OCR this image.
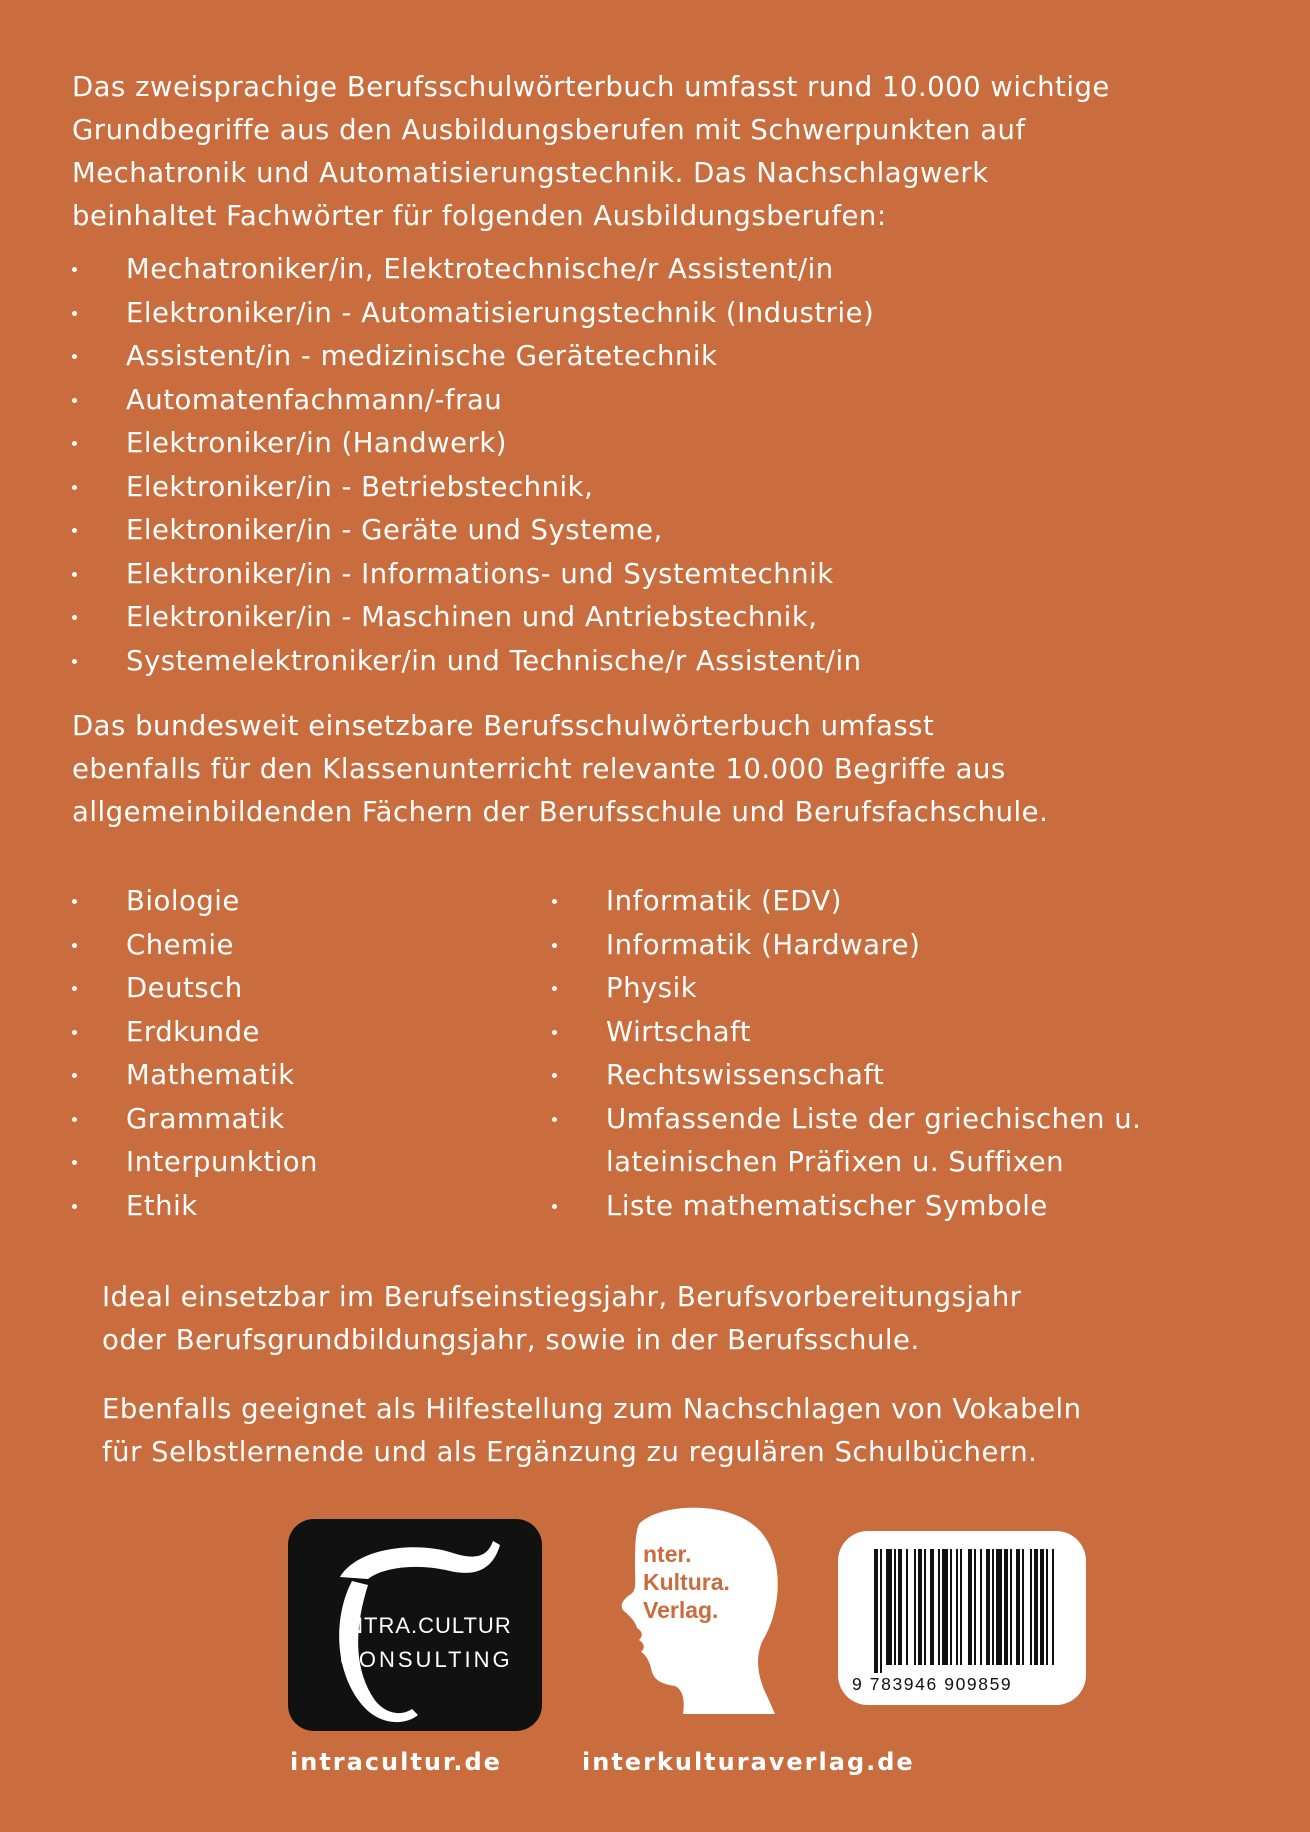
Das zweisprachige Berufsschulwörterbuch umfasst rund 10.000 wichtige
Grundbegriffe aus den Ausbildungsberufen mit Schwerpunkten auf
Mechatronik und Automatisierungstechnik. Das Nachschlagwerk
beinhaltet Fachwörter für folgenden Ausbildungsberufen:

Mechatroniker/in, Elektrotechnische/r Assistent/in
Elektroniker/in - Automatisierungstechnik (Industrie)
Assistent/in - medizinische Gerätetechnik
Automatenfachmann/-frau
Elektroniker/in (Handwerk)
Elektroniker/in - Betriebstechnik,
Elektroniker/in - Geräte und Systeme,
Elektroniker/in - Informations- und Systemtechnik
Elektroniker/in - Maschinen und Antriebstechnik,
Systemelektroniker/in und Technische/r Assistent/in

Das bundesweit einsetzbare Berufsschulwörterbuch umfasst
ebenfalls für den Klassenunterricht relevante 10.000 Begriffe aus
allgemeinbildenden Fächern der Berufsschule und Berufsfachschule.

Biologie
Chemie
Deutsch
Erdkunde
Mathematik
Grammatik
Interpunktion
Ethik
Informatik (EDV)
Informatik (Hardware)
Physik
Wirtschaft
Rechtswissenschaft
Umfassende Liste der griechischen u.
lateinischen Präfixen u. Suffixen
Liste mathematischer Symbole

Ideal einsetzbar im Berufseinstiegsjahr, Berufsvorbereitungsjahr
oder Berufsgrundbildungsjahr, sowie in der Berufsschule.

Ebenfalls geeignet als Hilfestellung zum Nachschlagen von Vokabeln
für Selbstlernende und als Ergänzung zu regulären Schulbüchern.

INTRA.CULTUR
CONSULTING
nter.
Kultura.
Verlag.
9 783946 909859
intracultur.de	interkulturaverlag.de
